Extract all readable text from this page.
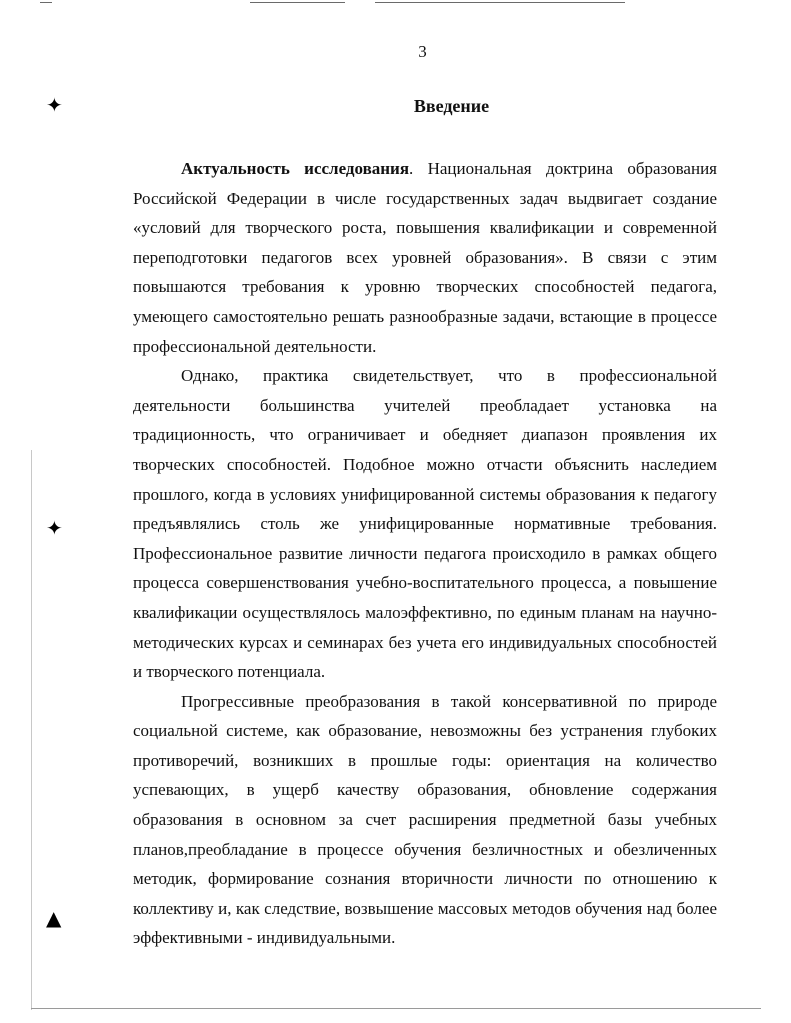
✦
✦
▲
3
Введение

Актуальность исследования. Национальная доктрина образования Российской Федерации в числе государственных задач выдвигает создание «условий для творческого роста, повышения квалификации и современной переподготовки педагогов всех уровней образования». В связи с этим повышаются требования к уровню творческих способностей педагога, умеющего самостоятельно решать разнообразные задачи, встающие в процессе профессиональной деятельности.

Однако, практика свидетельствует, что в профессиональной деятельности большинства учителей преобладает установка на традиционность, что ограничивает и обедняет диапазон проявления их творческих способностей. Подобное можно отчасти объяснить наследием прошлого, когда в условиях унифицированной системы образования к педагогу предъявлялись столь же унифицированные нормативные требования. Профессиональное развитие личности педагога происходило в рамках общего процесса совершенствования учебно-воспитательного процесса, а повышение квалификации осуществлялось малоэффективно, по единым планам на научно-методических курсах и семинарах без учета его индивидуальных способностей и творческого потенциала.

Прогрессивные преобразования в такой консервативной по природе социальной системе, как образование, невозможны без устранения глубоких противоречий, возникших в прошлые годы: ориентация на количество успевающих, в ущерб качеству образования, обновление содержания образования в основном за счет расширения предметной базы учебных планов,преобладание в процессе обучения безличностных и обезличенных методик, формирование сознания вторичности личности по отношению к коллективу и, как следствие, возвышение массовых методов обучения над более эффективными - индивидуальными.
